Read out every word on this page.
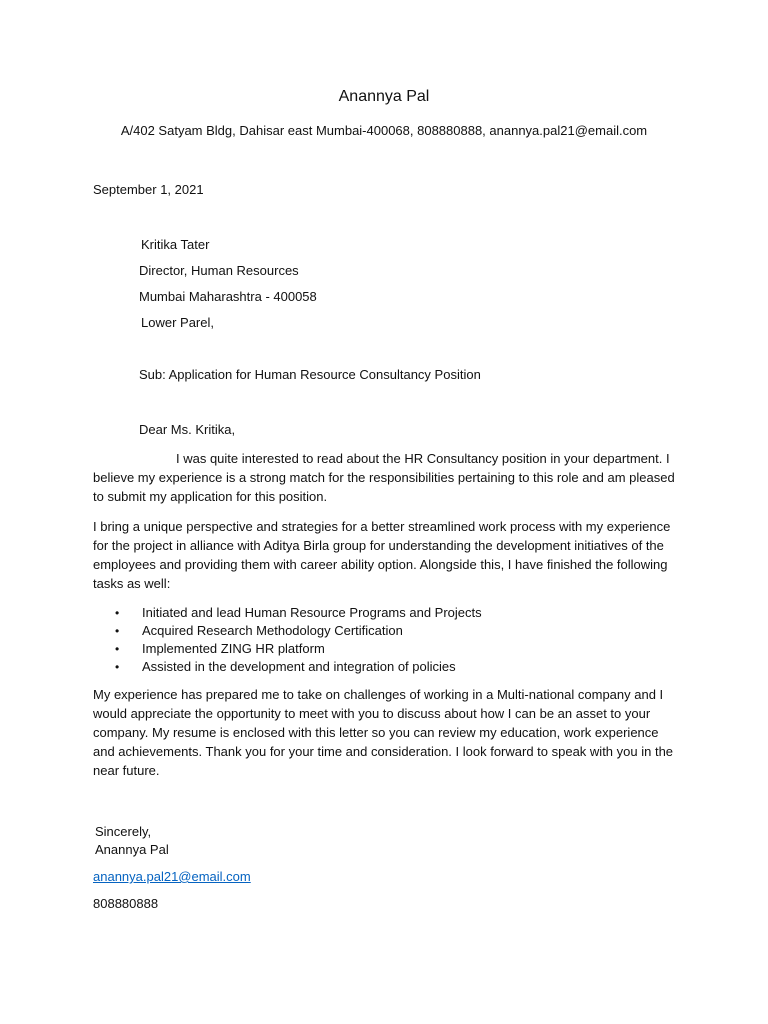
Anannya Pal
A/402 Satyam Bldg, Dahisar east Mumbai-400068, 808880888, anannya.pal21@email.com
September 1, 2021
Kritika Tater
Director, Human Resources
Mumbai Maharashtra - 400058
Lower Parel,
Sub: Application for Human Resource Consultancy Position
Dear Ms. Kritika,
I was quite interested to read about the HR Consultancy position in your department. I believe my experience is a strong match for the responsibilities pertaining to this role and am pleased to submit my application for this position.
I bring a unique perspective and strategies for a better streamlined work process with my experience for the project in alliance with Aditya Birla group for understanding the development initiatives of the employees and providing them with career ability option. Alongside this, I have finished the following tasks as well:
• Initiated and lead Human Resource Programs and Projects
• Acquired Research Methodology Certification
• Implemented ZING HR platform
• Assisted in the development and integration of policies
My experience has prepared me to take on challenges of working in a Multi-national company and I would appreciate the opportunity to meet with you to discuss about how I can be an asset to your company. My resume is enclosed with this letter so you can review my education, work experience and achievements. Thank you for your time and consideration. I look forward to speak with you in the near future.
Sincerely,
Anannya Pal
anannya.pal21@email.com
808880888
